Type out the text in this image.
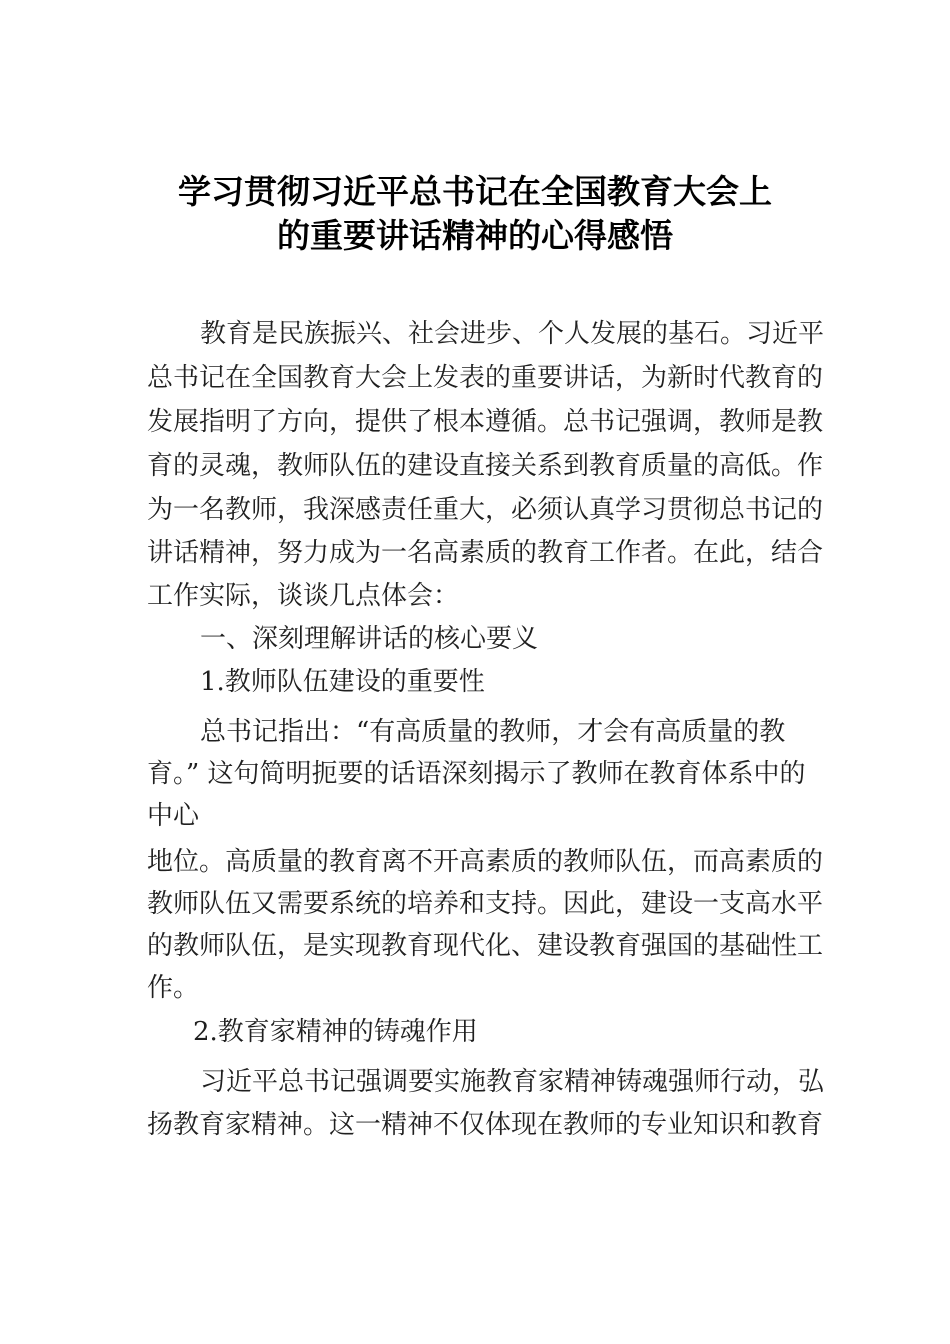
学习贯彻习近平总书记在全国教育大会上
的重要讲话精神的心得感悟
教育是民族振兴、社会进步、个人发展的基石。习近平
总书记在全国教育大会上发表的重要讲话，为新时代教育的
发展指明了方向，提供了根本遵循。总书记强调，教师是教
育的灵魂，教师队伍的建设直接关系到教育质量的高低。作
为一名教师，我深感责任重大，必须认真学习贯彻总书记的
讲话精神，努力成为一名高素质的教育工作者。在此，结合
工作实际，谈谈几点体会：
一、深刻理解讲话的核心要义
1.教师队伍建设的重要性
总书记指出：“有高质量的教师，才会有高质量的教
育。” 这句简明扼要的话语深刻揭示了教师在教育体系中的
中心
地位。高质量的教育离不开高素质的教师队伍，而高素质的
教师队伍又需要系统的培养和支持。因此，建设一支高水平
的教师队伍，是实现教育现代化、建设教育强国的基础性工
作。
2.教育家精神的铸魂作用
习近平总书记强调要实施教育家精神铸魂强师行动，弘
扬教育家精神。这一精神不仅体现在教师的专业知识和教育
